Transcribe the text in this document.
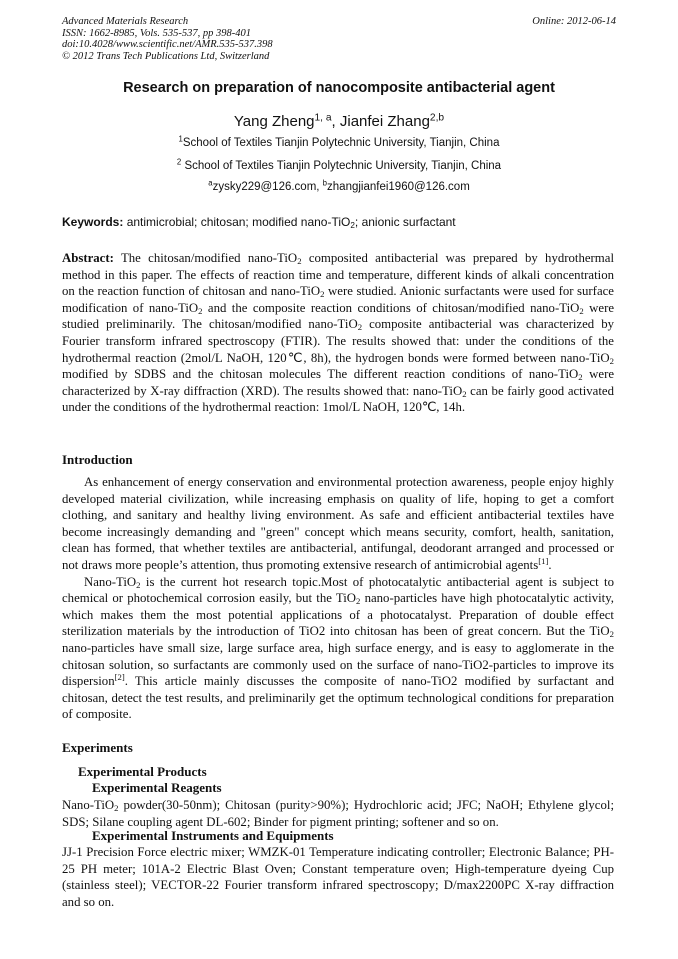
Advanced Materials Research
ISSN: 1662-8985, Vols. 535-537, pp 398-401
doi:10.4028/www.scientific.net/AMR.535-537.398
© 2012 Trans Tech Publications Ltd, Switzerland
Online: 2012-06-14
Research on preparation of nanocomposite antibacterial agent
Yang Zheng$^{1, a}$, Jianfei Zhang$^{2,b}$
$^1$School of Textiles Tianjin Polytechnic University, Tianjin, China
$^2$ School of Textiles Tianjin Polytechnic University, Tianjin, China
$^a$zysky229@126.com, $^b$zhangjianfei1960@126.com
Keywords: antimicrobial; chitosan; modified nano-TiO$_2$; anionic surfactant

Abstract: The chitosan/modified nano-TiO$_2$ composited antibacterial was prepared by hydrothermal method in this paper. The effects of reaction time and temperature, different kinds of alkali concentration on the reaction function of chitosan and nano-TiO$_2$ were studied. Anionic surfactants were used for surface modification of nano-TiO$_2$ and the composite reaction conditions of chitosan/modified nano-TiO$_2$ were studied preliminarily. The chitosan/modified nano-TiO$_2$ composite antibacterial was characterized by Fourier transform infrared spectroscopy (FTIR). The results showed that: under the conditions of the hydrothermal reaction (2mol/L NaOH, 120℃, 8h), the hydrogen bonds were formed between nano-TiO$_2$ modified by SDBS and the chitosan molecules The different reaction conditions of nano-TiO$_2$ were characterized by X-ray diffraction (XRD). The results showed that: nano-TiO$_2$ can be fairly good activated under the conditions of the hydrothermal reaction: 1mol/L NaOH, 120℃, 14h.

Introduction

As enhancement of energy conservation and environmental protection awareness, people enjoy highly developed material civilization, while increasing emphasis on quality of life, hoping to get a comfort clothing, and sanitary and healthy living environment. As safe and efficient antibacterial textiles have become increasingly demanding and "green" concept which means security, comfort, health, sanitation, clean has formed, that whether textiles are antibacterial, antifungal, deodorant arranged and processed or not draws more people’s attention, thus promoting extensive research of antimicrobial agents[1].

Nano-TiO$_2$ is the current hot research topic.Most of photocatalytic antibacterial agent is subject to chemical or photochemical corrosion easily, but the TiO$_2$ nano-particles have high photocatalytic activity, which makes them the most potential applications of a photocatalyst. Preparation of double effect sterilization materials by the introduction of TiO2 into chitosan has been of great concern. But the TiO$_2$ nano-particles have small size, large surface area, high surface energy, and is easy to agglomerate in the chitosan solution, so surfactants are commonly used on the surface of nano-TiO2-particles to improve its dispersion[2]. This article mainly discusses the composite of nano-TiO2 modified by surfactant and chitosan, detect the test results, and preliminarily get the optimum technological conditions for preparation of composite.

Experiments
Experimental Products
Experimental Reagents

Nano-TiO$_2$ powder(30-50nm); Chitosan (purity>90%); Hydrochloric acid; JFC; NaOH; Ethylene glycol; SDS; Silane coupling agent DL-602; Binder for pigment printing; softener and so on.

Experimental Instruments and Equipments

JJ-1 Precision Force electric mixer; WMZK-01 Temperature indicating controller; Electronic Balance; PH-25 PH meter; 101A-2 Electric Blast Oven; Constant temperature oven; High-temperature dyeing Cup (stainless steel); VECTOR-22 Fourier transform infrared spectroscopy; D/max2200PC X-ray diffraction and so on.
